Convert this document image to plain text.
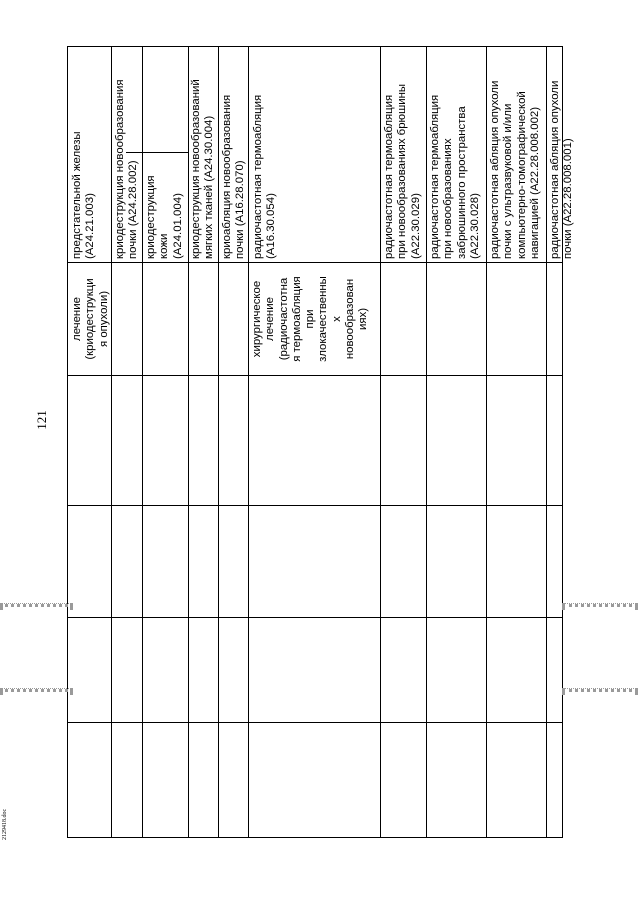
121
2129418.doc
лечение (криодеструкци я опухоли)	хирургическое лечение (радиочастотна я термоабляция при злокачественны х новообразован иях)
предстательной железы (A24.21.003) криодеструкция новообразования почки (A24.28.002) криодеструкция кожи (A24.01.004) криодеструкция новообразований мягких тканей (A24.30.004) криоабляция новообразования почки (A16.28.070) радиочастотная термоабляция (A16.30.054)	радиочастотная термоабляция при новообразованиях брюшины (A22.30.029) радиочастотная термоабляция при новообразованиях забрюшинного пространства (A22.30.028) радиочастотная абляция опухоли почки с ультразвуковой и/или компьютерно-томографической навигацией (A22.28.008.002) радиочастотная абляция опухоли почки (A22.28.008.001)
